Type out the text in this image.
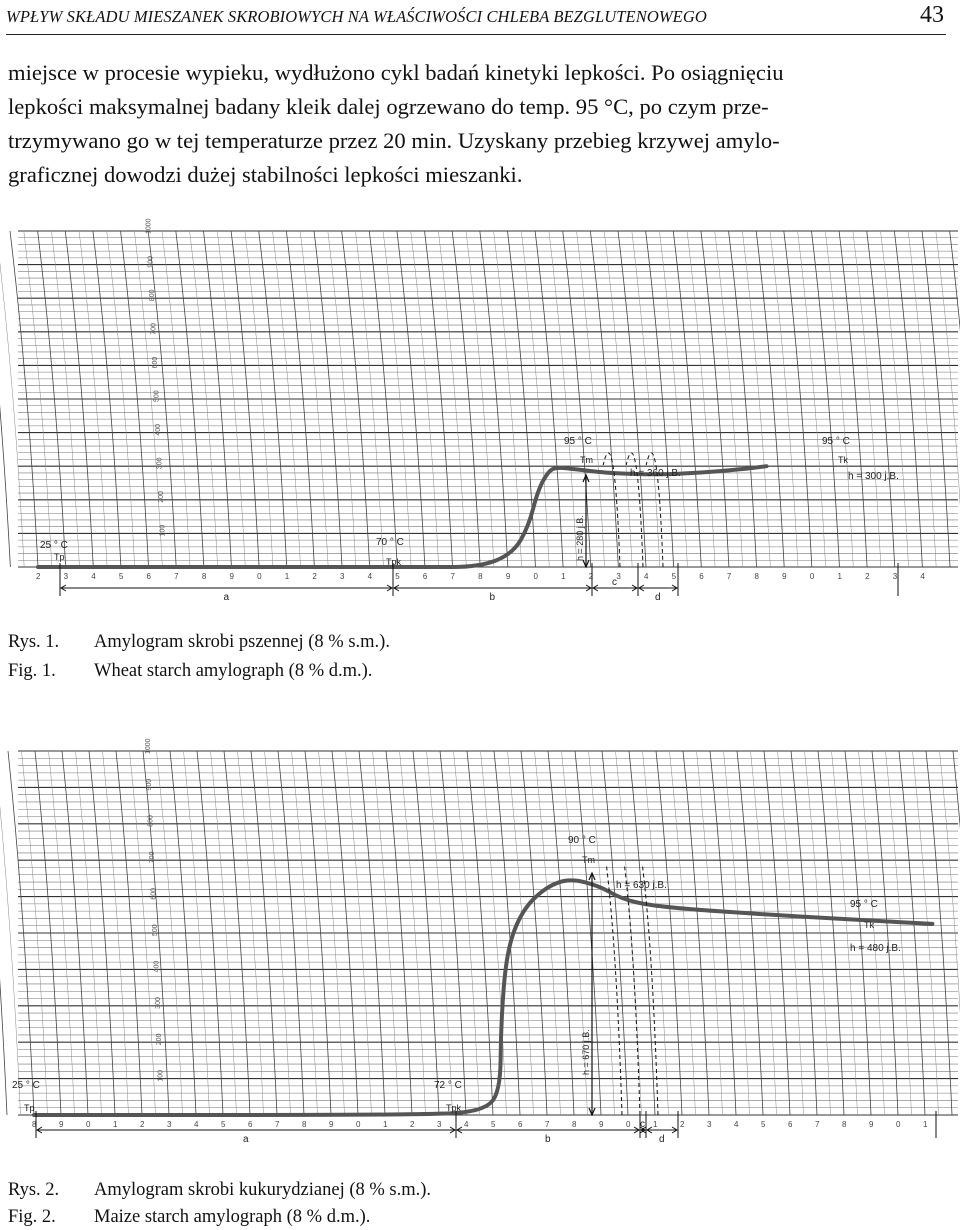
WPŁYW SKŁADU MIESZANEK SKROBIOWYCH NA WŁAŚCIWOŚCI CHLEBA BEZGLUTENOWEGO	43
miejsce w procesie wypieku, wydłużono cykl badań kinetyki lepkości. Po osiągnięciu
lepkości maksymalnej badany kleik dalej ogrzewano do temp. 95 °C, po czym prze-
trzymywano go w tej temperaturze przez 20 min. Uzyskany przebieg krzywej amylo-
graficznej dowodzi dużej stabilności lepkości mieszanki.
100
200
300
400
500
600
700
800
900
1000
2	3	4	5	6	7	8	9	0	1	2	3	4	5	6	7	8	9	0	1	2	3	4	5	6	7	8	9	0	1	2	3	4
h = 280 j.B.
25 ° C
Tp
70 ° C
Tpk
95 ° C
Tm
h = 360 j.B.
95 ° C
Tk
h = 300 j.B.
a	b
c
d
Rys. 1. Amylogram skrobi pszennej (8 % s.m.).
Fig. 1. Wheat starch amylograph (8 % d.m.).
100
200
300
400
500
600
700
800
900
1000
8	9	0	1	2	3	4	5	6	7	8	9	0	1	2	3	4	5	6	7	8	9	0	1	2	3	4	5	6	7	8	9	0	1
h = 670 j.B.
25 ° C
Tp
72 ° C
Tpk
90 ° C
Tm
h = 630 j.B.
95 ° C
Tk
h = 480 j.B.
a	b
c
d
Rys. 2. Amylogram skrobi kukurydzianej (8 % s.m.).
Fig. 2. Maize starch amylograph (8 % d.m.).
